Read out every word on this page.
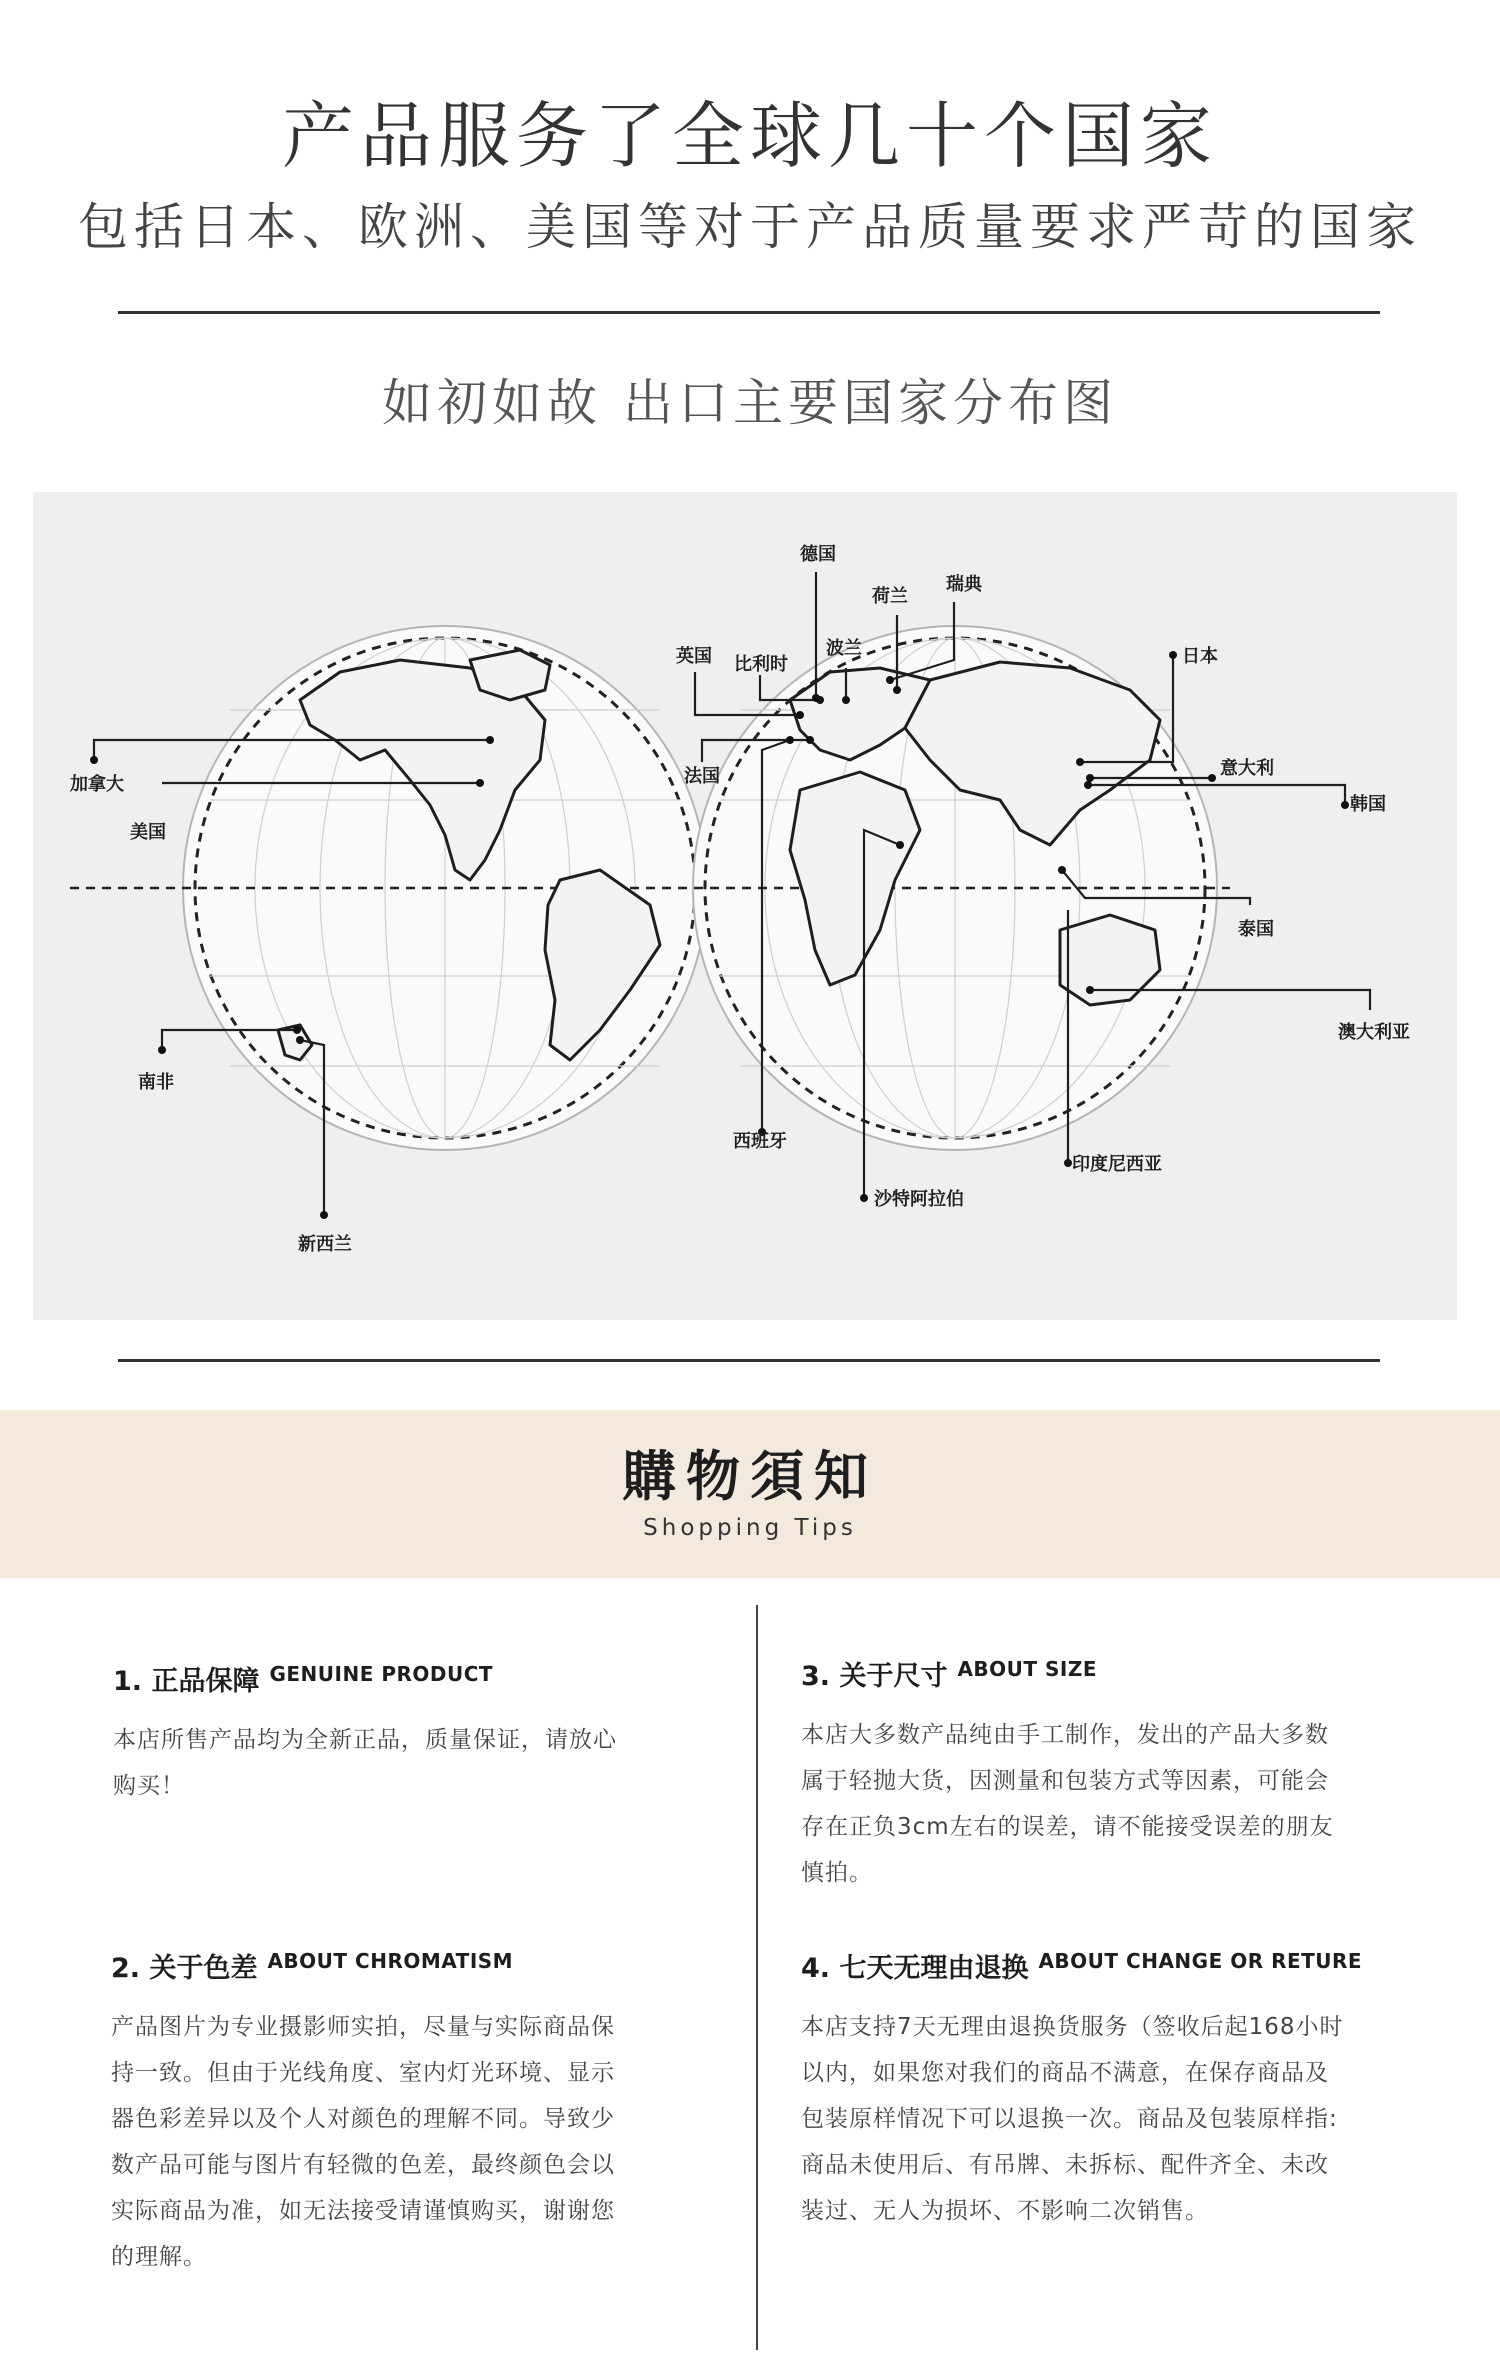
产品服务了全球几十个国家
包括日本、欧洲、美国等对于产品质量要求严苛的国家
如初如故 出口主要国家分布图
德国
荷兰
瑞典
英国 比利时
波兰	日本
加拿大	法国	意大利
韩国
美国
泰国
澳大利亚
南非
西班牙
印度尼西亚
沙特阿拉伯
新西兰
購物須知
Shopping Tips
1. 正品保障 GENUINE PRODUCT
本店所售产品均为全新正品，质量保证，请放心
购买！
2. 关于色差 ABOUT CHROMATISM
产品图片为专业摄影师实拍，尽量与实际商品保
持一致。但由于光线角度、室内灯光环境、显示
器色彩差异以及个人对颜色的理解不同。导致少
数产品可能与图片有轻微的色差，最终颜色会以
实际商品为准，如无法接受请谨慎购买，谢谢您
的理解。
3. 关于尺寸 ABOUT SIZE
本店大多数产品纯由手工制作，发出的产品大多数
属于轻抛大货，因测量和包装方式等因素，可能会
存在正负3cm左右的误差，请不能接受误差的朋友
慎拍。
4. 七天无理由退换 ABOUT CHANGE OR RETURE
本店支持7天无理由退换货服务（签收后起168小时
以内，如果您对我们的商品不满意，在保存商品及
包装原样情况下可以退换一次。商品及包装原样指:
商品未使用后、有吊牌、未拆标、配件齐全、未改
装过、无人为损坏、不影响二次销售。
